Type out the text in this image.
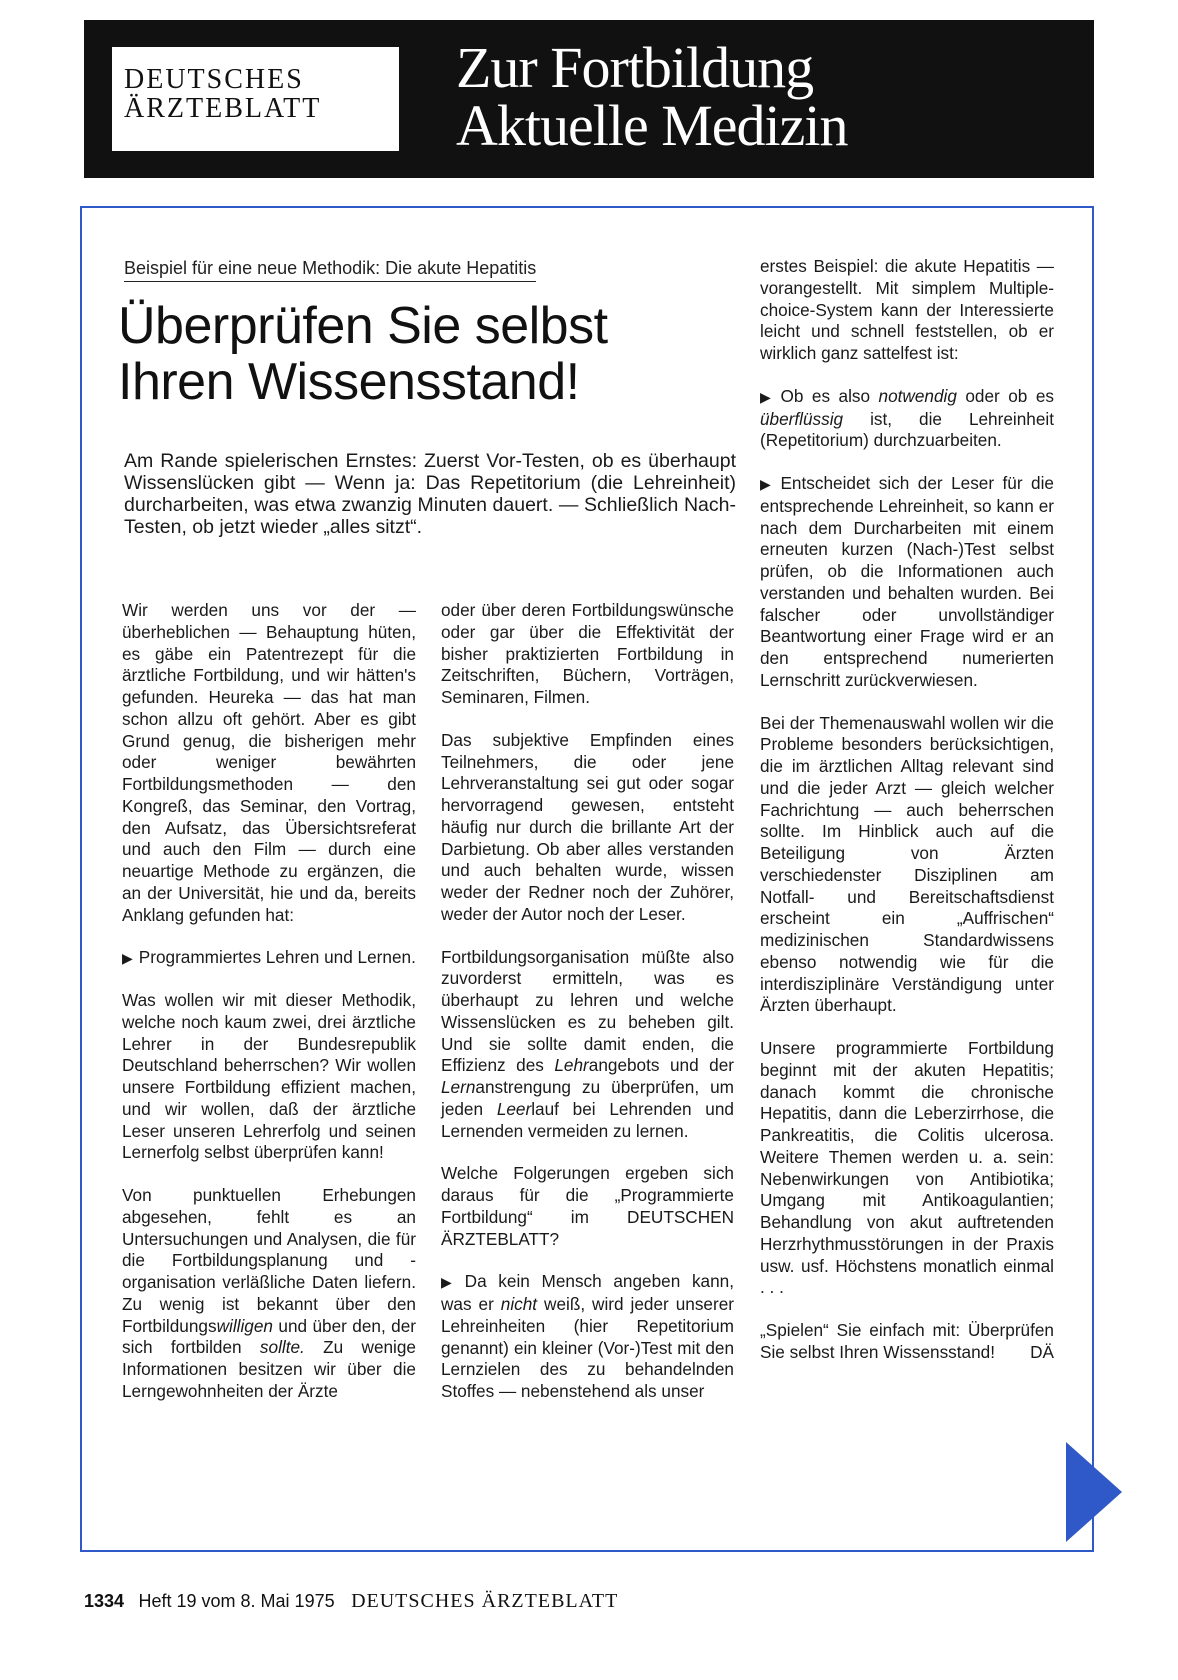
DEUTSCHES
ÄRZTEBLATT
Zur Fortbildung
Aktuelle Medizin
Beispiel für eine neue Methodik: Die akute Hepatitis
Überprüfen Sie selbst
Ihren Wissensstand!
Am Rande spielerischen Ernstes: Zuerst Vor-Testen, ob es überhaupt Wissenslücken gibt — Wenn ja: Das Repetitorium (die Lehreinheit) durcharbeiten, was etwa zwanzig Minuten dauert. — Schließlich Nach-Testen, ob jetzt wieder „alles sitzt“.

Wir werden uns vor der — überheblichen — Behauptung hüten, es gäbe ein Patentrezept für die ärztliche Fortbildung, und wir hätten's gefunden. Heureka — das hat man schon allzu oft gehört. Aber es gibt Grund genug, die bisherigen mehr oder weniger bewährten Fortbildungsmethoden — den Kongreß, das Seminar, den Vortrag, den Aufsatz, das Übersichtsreferat und auch den Film — durch eine neuartige Methode zu ergänzen, die an der Universität, hie und da, bereits Anklang gefunden hat:

▶ Programmiertes Lehren und Lernen.

Was wollen wir mit dieser Methodik, welche noch kaum zwei, drei ärztliche Lehrer in der Bundesrepublik Deutschland beherrschen? Wir wollen unsere Fortbildung effizient machen, und wir wollen, daß der ärztliche Leser unseren Lehrerfolg und seinen Lernerfolg selbst überprüfen kann!

Von punktuellen Erhebungen abgesehen, fehlt es an Untersuchungen und Analysen, die für die Fortbildungsplanung und -organisation verläßliche Daten liefern. Zu wenig ist bekannt über den Fortbildungswilligen und über den, der sich fortbilden sollte. Zu wenige Informationen besitzen wir über die Lerngewohnheiten der Ärzte

oder über deren Fortbildungswünsche oder gar über die Effektivität der bisher praktizierten Fortbildung in Zeitschriften, Büchern, Vorträgen, Seminaren, Filmen.

Das subjektive Empfinden eines Teilnehmers, die oder jene Lehrveranstaltung sei gut oder sogar hervorragend gewesen, entsteht häufig nur durch die brillante Art der Darbietung. Ob aber alles verstanden und auch behalten wurde, wissen weder der Redner noch der Zuhörer, weder der Autor noch der Leser.

Fortbildungsorganisation müßte also zuvorderst ermitteln, was es überhaupt zu lehren und welche Wissenslücken es zu beheben gilt. Und sie sollte damit enden, die Effizienz des Lehrangebots und der Lernanstrengung zu überprüfen, um jeden Leerlauf bei Lehrenden und Lernenden vermeiden zu lernen.

Welche Folgerungen ergeben sich daraus für die „Programmierte Fortbildung“ im DEUTSCHEN ÄRZTEBLATT?

▶ Da kein Mensch angeben kann, was er nicht weiß, wird jeder unserer Lehreinheiten (hier Repetitorium genannt) ein kleiner (Vor-)Test mit den Lernzielen des zu behandelnden Stoffes — nebenstehend als unser

erstes Beispiel: die akute Hepatitis — vorangestellt. Mit simplem Multiple-choice-System kann der Interessierte leicht und schnell feststellen, ob er wirklich ganz sattelfest ist:

▶ Ob es also notwendig oder ob es überflüssig ist, die Lehreinheit (Repetitorium) durchzuarbeiten.

▶ Entscheidet sich der Leser für die entsprechende Lehreinheit, so kann er nach dem Durcharbeiten mit einem erneuten kurzen (Nach-)Test selbst prüfen, ob die Informationen auch verstanden und behalten wurden. Bei falscher oder unvollständiger Beantwortung einer Frage wird er an den entsprechend numerierten Lernschritt zurückverwiesen.

Bei der Themenauswahl wollen wir die Probleme besonders berücksichtigen, die im ärztlichen Alltag relevant sind und die jeder Arzt — gleich welcher Fachrichtung — auch beherrschen sollte. Im Hinblick auch auf die Beteiligung von Ärzten verschiedenster Disziplinen am Notfall- und Bereitschaftsdienst erscheint ein „Auffrischen“ medizinischen Standardwissens ebenso notwendig wie für die interdisziplinäre Verständigung unter Ärzten überhaupt.

Unsere programmierte Fortbildung beginnt mit der akuten Hepatitis; danach kommt die chronische Hepatitis, dann die Leberzirrhose, die Pankreatitis, die Colitis ulcerosa. Weitere Themen werden u. a. sein: Nebenwirkungen von Antibiotika; Umgang mit Antikoagulantien; Behandlung von akut auftretenden Herzrhythmusstörungen in der Praxis usw. usf. Höchstens monatlich einmal . . .

„Spielen“ Sie einfach mit: Überprüfen Sie selbst Ihren Wissensstand! DÄ

1334 Heft 19 vom 8. Mai 1975 DEUTSCHES ÄRZTEBLATT
